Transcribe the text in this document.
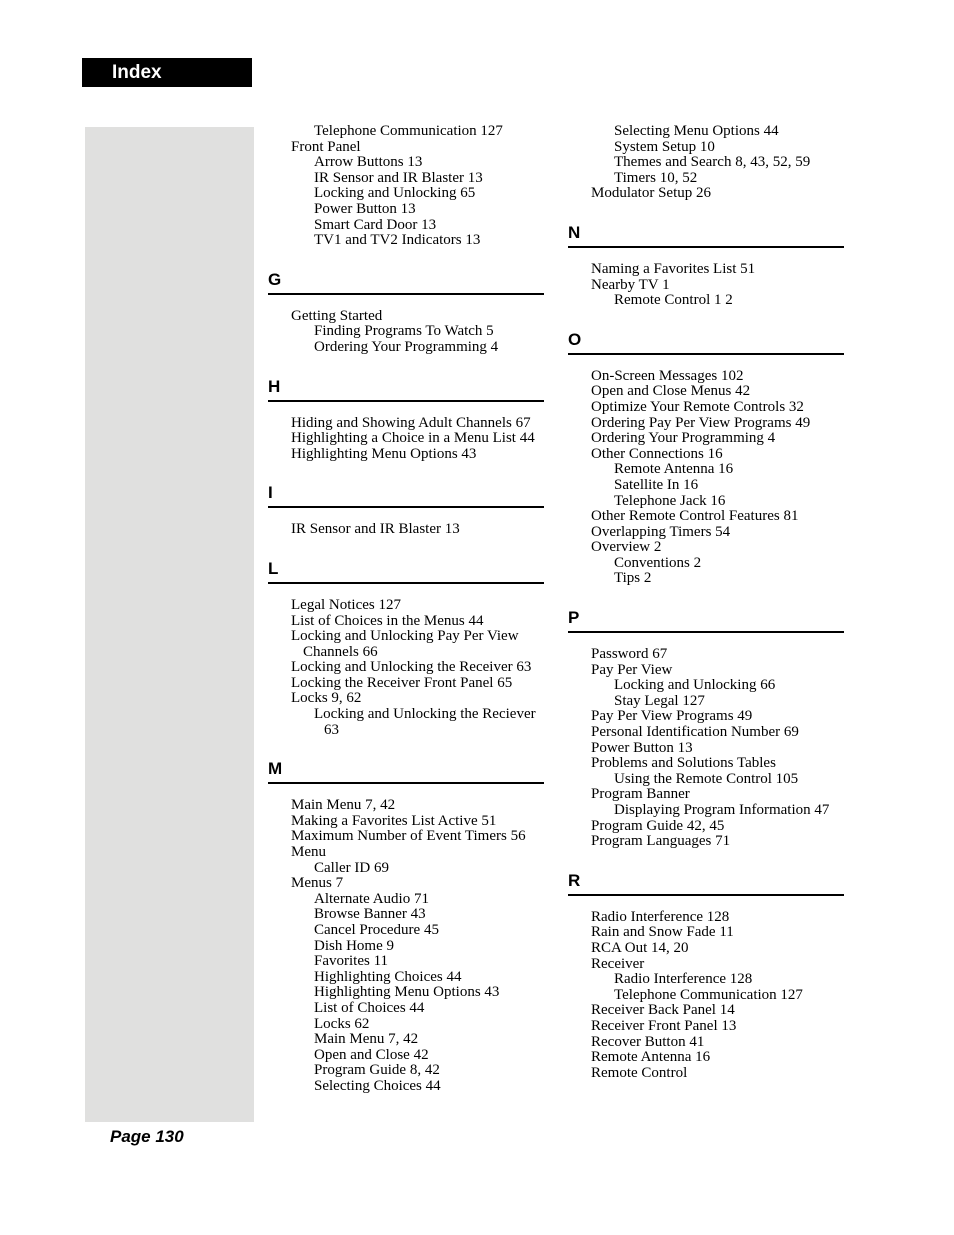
Index
Telephone Communication 127
Front Panel
Arrow Buttons 13
IR Sensor and IR Blaster 13
Locking and Unlocking 65
Power Button 13
Smart Card Door 13
TV1 and TV2 Indicators 13
G
Getting Started
Finding Programs To Watch 5
Ordering Your Programming 4
H
Hiding and Showing Adult Channels 67
Highlighting a Choice in a Menu List 44
Highlighting Menu Options 43
I
IR Sensor and IR Blaster 13
L
Legal Notices 127
List of Choices in the Menus 44
Locking and Unlocking Pay Per View
Channels 66
Locking and Unlocking the Receiver 63
Locking the Receiver Front Panel 65
Locks 9, 62
Locking and Unlocking the Reciever
63
M
Main Menu 7, 42
Making a Favorites List Active 51
Maximum Number of Event Timers 56
Menu
Caller ID 69
Menus 7
Alternate Audio 71
Browse Banner 43
Cancel Procedure 45
Dish Home 9
Favorites 11
Highlighting Choices 44
Highlighting Menu Options 43
List of Choices 44
Locks 62
Main Menu 7, 42
Open and Close 42
Program Guide 8, 42
Selecting Choices 44
Selecting Menu Options 44
System Setup 10
Themes and Search 8, 43, 52, 59
Timers 10, 52
Modulator Setup 26
N
Naming a Favorites List 51
Nearby TV 1
Remote Control 1 2
O
On-Screen Messages 102
Open and Close Menus 42
Optimize Your Remote Controls 32
Ordering Pay Per View Programs 49
Ordering Your Programming 4
Other Connections 16
Remote Antenna 16
Satellite In 16
Telephone Jack 16
Other Remote Control Features 81
Overlapping Timers 54
Overview 2
Conventions 2
Tips 2
P
Password 67
Pay Per View
Locking and Unlocking 66
Stay Legal 127
Pay Per View Programs 49
Personal Identification Number 69
Power Button 13
Problems and Solutions Tables
Using the Remote Control 105
Program Banner
Displaying Program Information 47
Program Guide 42, 45
Program Languages 71
R
Radio Interference 128
Rain and Snow Fade 11
RCA Out 14, 20
Receiver
Radio Interference 128
Telephone Communication 127
Receiver Back Panel 14
Receiver Front Panel 13
Recover Button 41
Remote Antenna 16
Remote Control
Page 130
